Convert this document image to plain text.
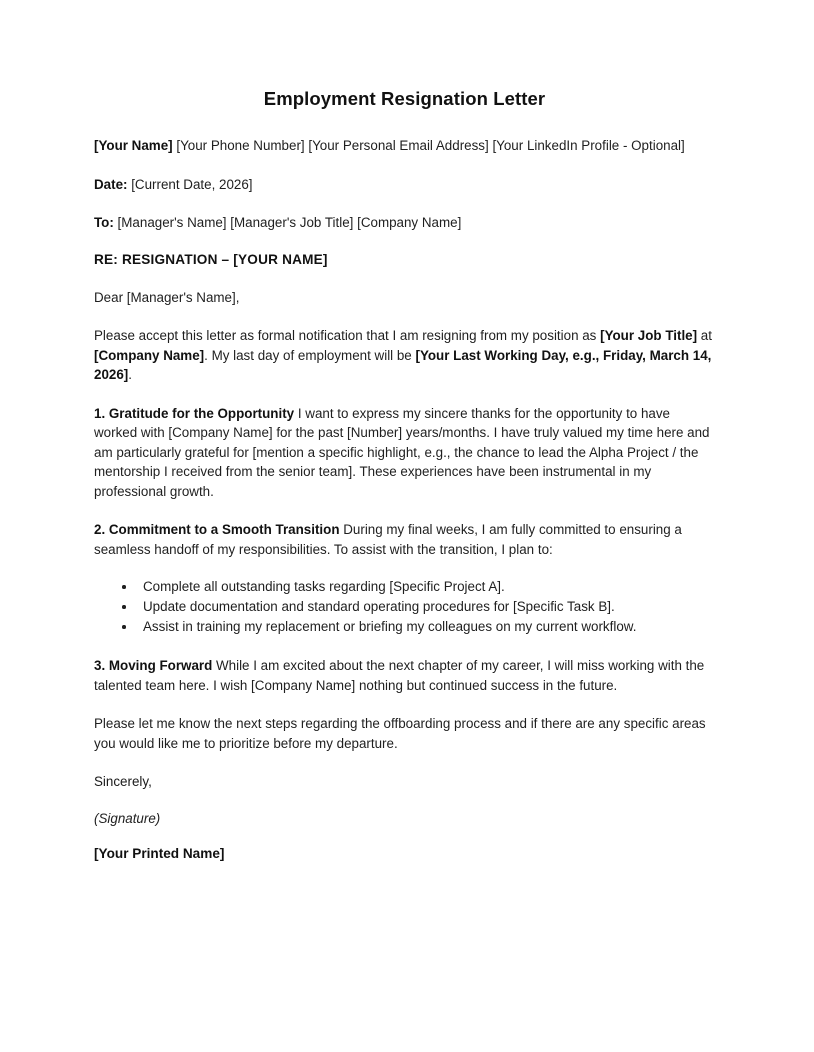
Employment Resignation Letter

[Your Name] [Your Phone Number] [Your Personal Email Address] [Your LinkedIn Profile - Optional]

Date: [Current Date, 2026]

To: [Manager's Name] [Manager's Job Title] [Company Name]

RE: RESIGNATION – [YOUR NAME]

Dear [Manager's Name],

Please accept this letter as formal notification that I am resigning from my position as [Your Job Title] at [Company Name]. My last day of employment will be [Your Last Working Day, e.g., Friday, March 14, 2026].

1. Gratitude for the Opportunity I want to express my sincere thanks for the opportunity to have worked with [Company Name] for the past [Number] years/months. I have truly valued my time here and am particularly grateful for [mention a specific highlight, e.g., the chance to lead the Alpha Project / the mentorship I received from the senior team]. These experiences have been instrumental in my professional growth.

2. Commitment to a Smooth Transition During my final weeks, I am fully committed to ensuring a seamless handoff of my responsibilities. To assist with the transition, I plan to:

Complete all outstanding tasks regarding [Specific Project A].
Update documentation and standard operating procedures for [Specific Task B].
Assist in training my replacement or briefing my colleagues on my current workflow.

3. Moving Forward While I am excited about the next chapter of my career, I will miss working with the talented team here. I wish [Company Name] nothing but continued success in the future.

Please let me know the next steps regarding the offboarding process and if there are any specific areas you would like me to prioritize before my departure.

Sincerely,

(Signature)

[Your Printed Name]
